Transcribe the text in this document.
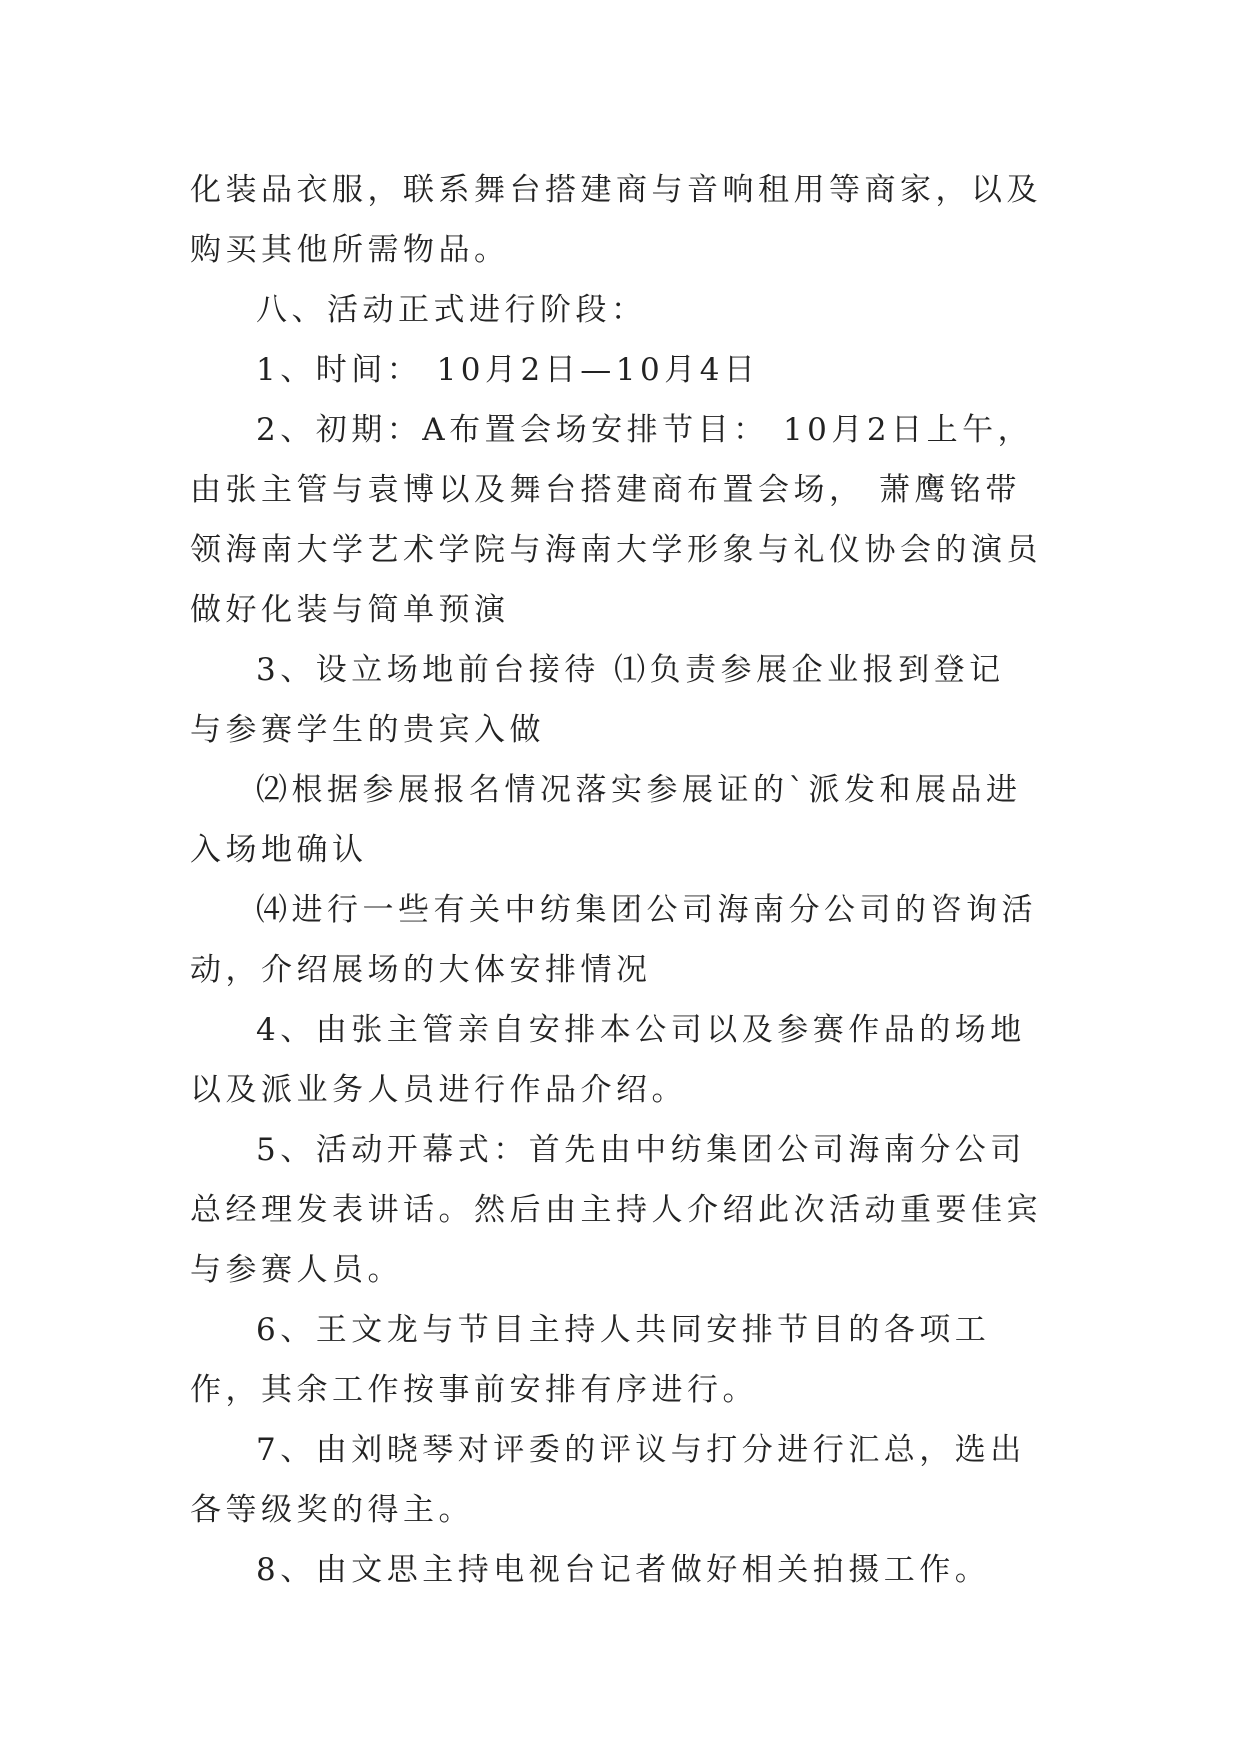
化装品衣服，联系舞台搭建商与音响租用等商家，以及购买其他所需物品。

八、活动正式进行阶段：

1、时间： 10月2日—10月4日

2、初期：A布置会场安排节目： 10月2日上午，由张主管与袁博以及舞台搭建商布置会场， 萧鹰铭带领海南大学艺术学院与海南大学形象与礼仪协会的演员做好化装与简单预演

3、设立场地前台接待 ⑴负责参展企业报到登记 与参赛学生的贵宾入做

⑵根据参展报名情况落实参展证的`派发和展品进入场地确认

⑷进行一些有关中纺集团公司海南分公司的咨询活动，介绍展场的大体安排情况

4、由张主管亲自安排本公司以及参赛作品的场地以及派业务人员进行作品介绍。

5、活动开幕式：首先由中纺集团公司海南分公司总经理发表讲话。然后由主持人介绍此次活动重要佳宾与参赛人员。

6、王文龙与节目主持人共同安排节目的各项工作，其余工作按事前安排有序进行。

7、由刘晓琴对评委的评议与打分进行汇总，选出各等级奖的得主。

8、由文思主持电视台记者做好相关拍摄工作。
